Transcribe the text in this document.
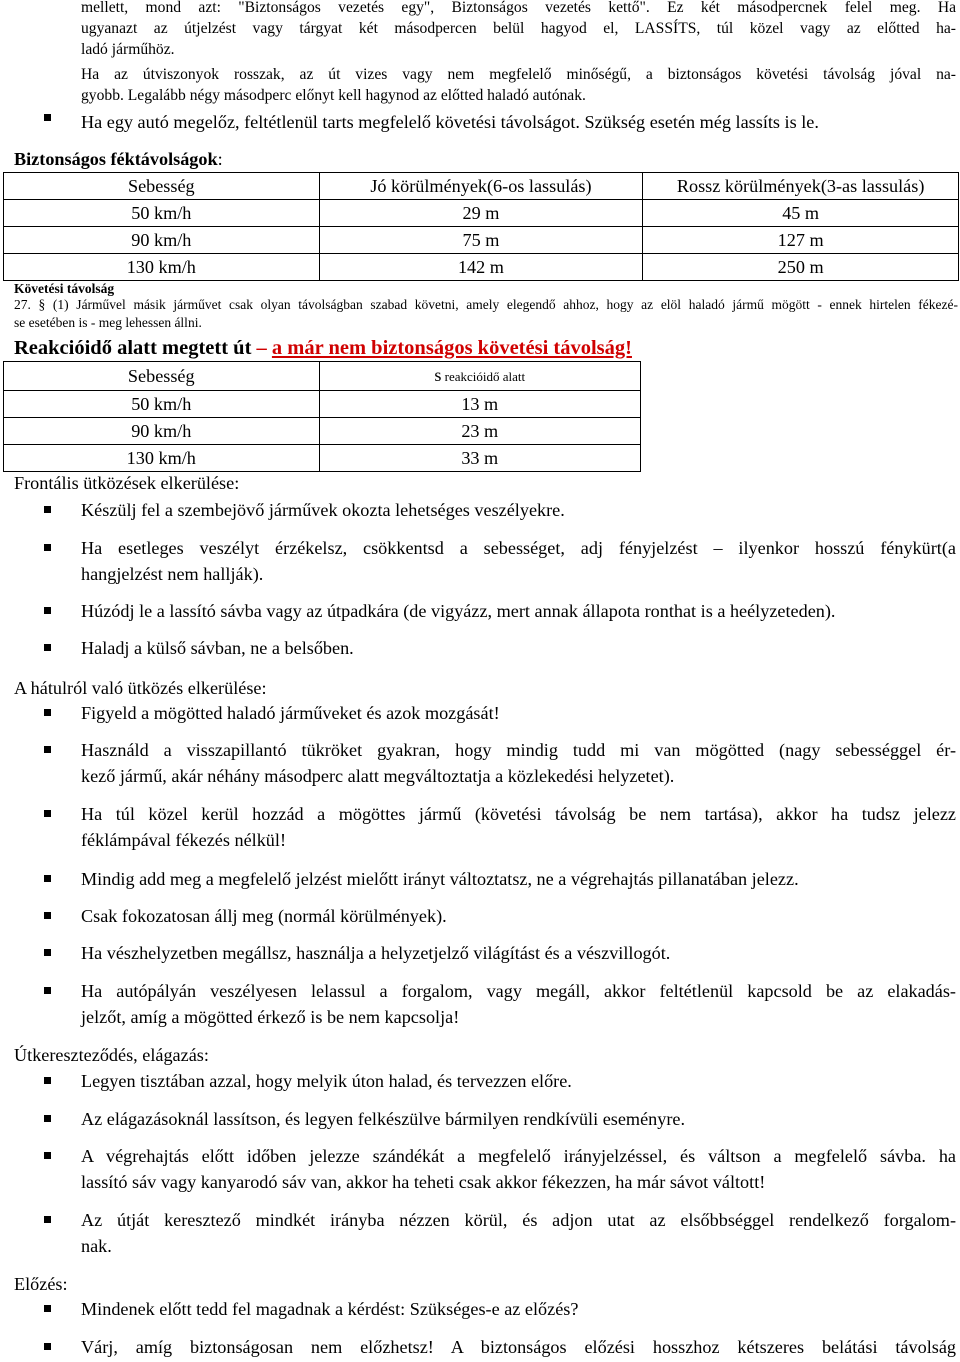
mellett, mond azt: "Biztonságos vezetés egy", Biztonságos vezetés kettő". Ez két másodpercnek felel meg. Ha

ugyanazt az útjelzést vagy tárgyat két másodpercen belül hagyod el, LASSÍTS, túl közel vagy az előtted ha-

ladó járműhöz.

Ha az útviszonyok rosszak, az út vizes vagy nem megfelelő minőségű, a biztonságos követési távolság jóval na-

gyobb. Legalább négy másodperc előnyt kell hagynod az előtted haladó autónak.

Ha egy autó megelőz, feltétlenül tarts megfelelő követési távolságot. Szükség esetén még lassíts is le.

Biztonságos féktávolságok:

Sebesség	Jó körülmények(6-os lassulás)	Rossz körülmények(3-as lassulás)
50 km/h	29 m	45 m
90 km/h	75 m	127 m
130 km/h	142 m	250 m

Követési távolság

27. § (1) Járművel másik járművet csak olyan távolságban szabad követni, amely elegendő ahhoz, hogy az elöl haladó jármű mögött - ennek hirtelen fékezé-

se esetében is - meg lehessen állni.

Reakcióidő alatt megtett út – a már nem biztonságos követési távolság!

Sebesség	s reakcióidő alatt
50 km/h	13 m
90 km/h	23 m
130 km/h	33 m

Frontális ütközések elkerülése:

Készülj fel a szembejövő járművek okozta lehetséges veszélyekre.

Ha esetleges veszélyt érzékelsz, csökkentsd a sebességet, adj fényjelzést – ilyenkor hosszú fénykürt(a

hangjelzést nem hallják).

Húzódj le a lassító sávba vagy az útpadkára (de vigyázz, mert annak állapota ronthat is a heélyzeteden).

Haladj a külső sávban, ne a belsőben.

A hátulról való ütközés elkerülése:

Figyeld a mögötted haladó járműveket és azok mozgását!

Használd a visszapillantó tükröket gyakran, hogy mindig tudd mi van mögötted (nagy sebességgel ér-

kező jármű, akár néhány másodperc alatt megváltoztatja a közlekedési helyzetet).

Ha túl közel kerül hozzád a mögöttes jármű (követési távolság be nem tartása), akkor ha tudsz jelezz

féklámpával fékezés nélkül!

Mindig add meg a megfelelő jelzést mielőtt irányt változtatsz, ne a végrehajtás pillanatában jelezz.

Csak fokozatosan állj meg (normál körülmények).

Ha vészhelyzetben megállsz, használja a helyzetjelző világítást és a vészvillogót.

Ha autópályán veszélyesen lelassul a forgalom, vagy megáll, akkor feltétlenül kapcsold be az elakadás-

jelzőt, amíg a mögötted érkező is be nem kapcsolja!

Útkereszteződés, elágazás:

Legyen tisztában azzal, hogy melyik úton halad, és tervezzen előre.

Az elágazásoknál lassítson, és legyen felkészülve bármilyen rendkívüli eseményre.

A végrehajtás előtt időben jelezze szándékát a megfelelő irányjelzéssel, és váltson a megfelelő sávba. ha

lassító sáv vagy kanyarodó sáv van, akkor ha teheti csak akkor fékezzen, ha már sávot váltott!

Az útját keresztező mindkét irányba nézzen körül, és adjon utat az elsőbbséggel rendelkező forgalom-

nak.

Előzés:

Mindenek előtt tedd fel magadnak a kérdést: Szükséges-e az előzés?

Várj, amíg biztonságosan nem előzhetsz! A biztonságos előzési hosszhoz kétszeres belátási távolság
